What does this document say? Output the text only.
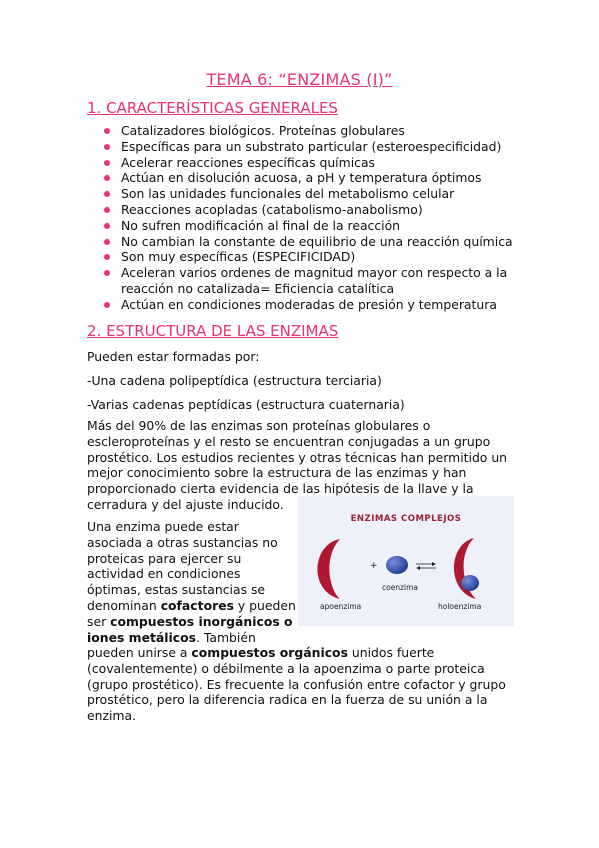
TEMA 6: “ENZIMAS (I)”
1. CARACTERÍSTICAS GENERALES
Catalizadores biológicos. Proteínas globulares
Específicas para un substrato particular (esteroespecificidad)
Acelerar reacciones específicas químicas
Actúan en disolución acuosa, a pH y temperatura óptimos
Son las unidades funcionales del metabolismo celular
Reacciones acopladas (catabolismo-anabolismo)
No sufren modificación al final de la reacción
No cambian la constante de equilibrio de una reacción química
Son muy específicas (ESPECIFICIDAD)
Aceleran varios ordenes de magnitud mayor con respecto a la reacción no catalizada= Eficiencia catalítica
Actúan en condiciones moderadas de presión y temperatura
2. ESTRUCTURA DE LAS ENZIMAS

Pueden estar formadas por:

-Una cadena polipeptídica (estructura terciaria)

-Varias cadenas peptídicas (estructura cuaternaria)

Más del 90% de las enzimas son proteínas globulares o escleroproteínas y el resto se encuentran conjugadas a un grupo prostético. Los estudios recientes y otras técnicas han permitido un mejor conocimiento sobre la estructura de las enzimas y han proporcionado cierta evidencia de las hipótesis de la llave y la cerradura y del ajuste inducido.

Una enzima puede estar
asociada a otras sustancias no
proteicas para ejercer su
actividad en condiciones
óptimas, estas sustancias se
denominan cofactores y pueden
ser compuestos inorgánicos o
iones metálicos. También

pueden unirse a compuestos orgánicos unidos fuerte (covalentemente) o débilmente a la apoenzima o parte proteica (grupo prostético). Es frecuente la confusión entre cofactor y grupo prostético, pero la diferencia radica en la fuerza de su unión a la enzima.

ENZIMAS COMPLEJOS
+
coenzima
apoenzima	holoenzima
